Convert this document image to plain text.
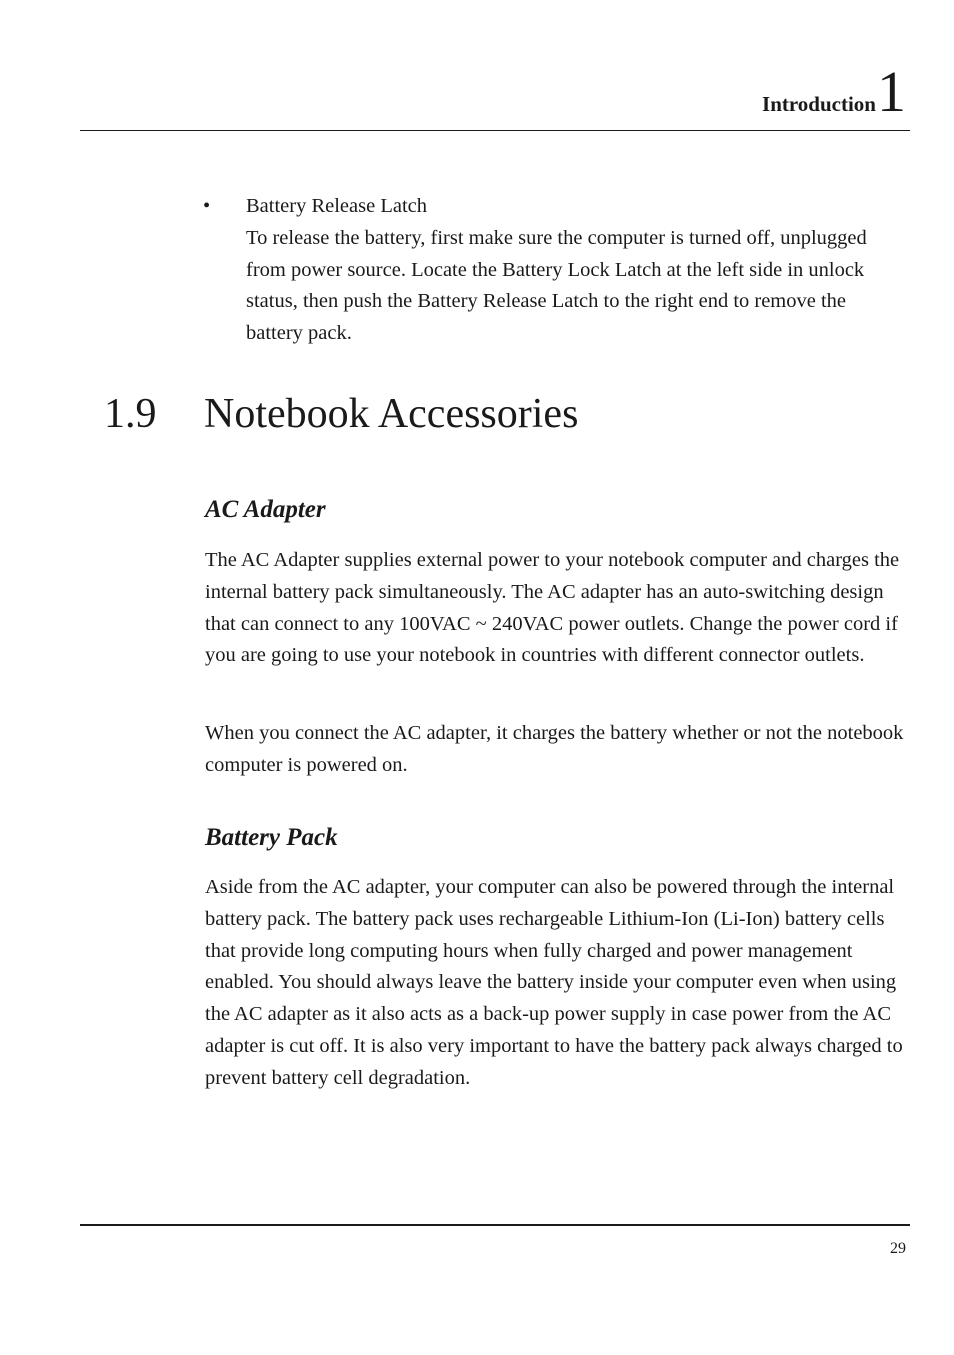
Introduction1
• Battery Release Latch
To release the battery, first make sure the computer is turned off, unplugged from power source. Locate the Battery Lock Latch at the left side in unlock status, then push the Battery Release Latch to the right end to remove the battery pack.
1.9 Notebook Accessories
AC Adapter

The AC Adapter supplies external power to your notebook computer and charges the internal battery pack simultaneously. The AC adapter has an auto-switching design that can connect to any 100VAC ~ 240VAC power outlets. Change the power cord if you are going to use your notebook in countries with different connector outlets.

When you connect the AC adapter, it charges the battery whether or not the notebook computer is powered on.

Battery Pack

Aside from the AC adapter, your computer can also be powered through the internal battery pack. The battery pack uses rechargeable Lithium-Ion (Li-Ion) battery cells that provide long computing hours when fully charged and power management enabled. You should always leave the battery inside your computer even when using the AC adapter as it also acts as a back-up power supply in case power from the AC adapter is cut off. It is also very important to have the battery pack always charged to prevent battery cell degradation.

29
